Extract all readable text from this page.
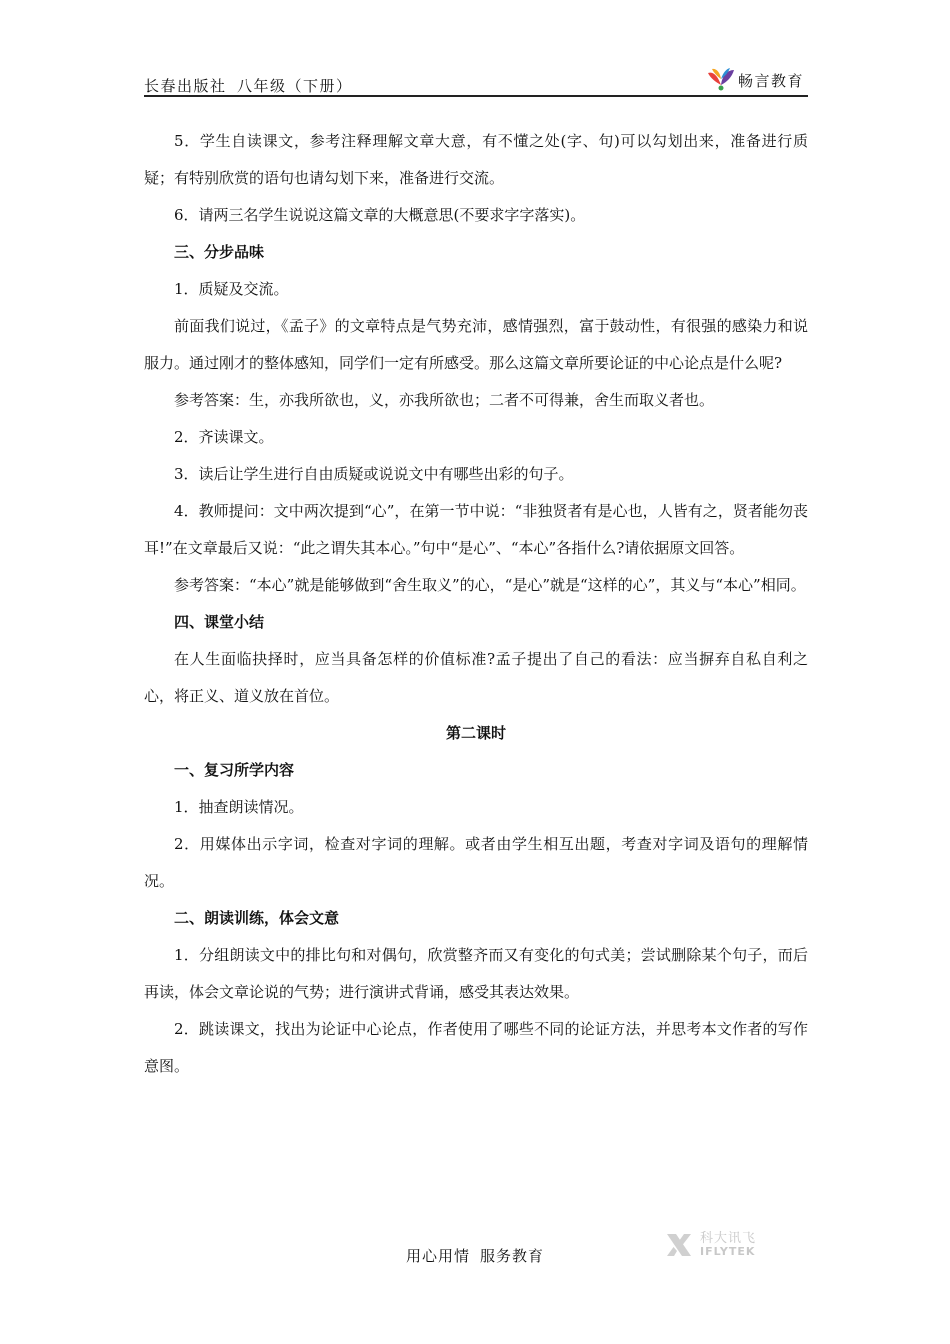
长春出版社 八年级（下册）	畅言教育

5．学生自读课文，参考注释理解文章大意，有不懂之处(字、句)可以勾划出来，准备进行质疑；有特别欣赏的语句也请勾划下来，准备进行交流。

6．请两三名学生说说这篇文章的大概意思(不要求字字落实)。

三、分步品味

1．质疑及交流。

前面我们说过，《孟子》的文章特点是气势充沛，感情强烈，富于鼓动性，有很强的感染力和说服力。通过刚才的整体感知，同学们一定有所感受。那么这篇文章所要论证的中心论点是什么呢?

参考答案：生，亦我所欲也，义，亦我所欲也；二者不可得兼，舍生而取义者也。

2．齐读课文。

3．读后让学生进行自由质疑或说说文中有哪些出彩的句子。

4．教师提问：文中两次提到“心”，在第一节中说：“非独贤者有是心也，人皆有之，贤者能勿丧耳!”在文章最后又说：“此之谓失其本心。”句中“是心”、“本心”各指什么?请依据原文回答。

参考答案：“本心”就是能够做到“舍生取义”的心，“是心”就是“这样的心”，其义与“本心”相同。

四、课堂小结

在人生面临抉择时，应当具备怎样的价值标准?孟子提出了自己的看法：应当摒弃自私自利之心，将正义、道义放在首位。

第二课时

一、复习所学内容

1．抽查朗读情况。

2．用媒体出示字词，检查对字词的理解。或者由学生相互出题，考查对字词及语句的理解情况。

二、朗读训练，体会文意

1．分组朗读文中的排比句和对偶句，欣赏整齐而又有变化的句式美；尝试删除某个句子，而后再读，体会文章论说的气势；进行演讲式背诵，感受其表达效果。

2．跳读课文，找出为论证中心论点，作者使用了哪些不同的论证方法，并思考本文作者的写作意图。

用心用情 服务教育
科大讯飞
IFLYTEK
